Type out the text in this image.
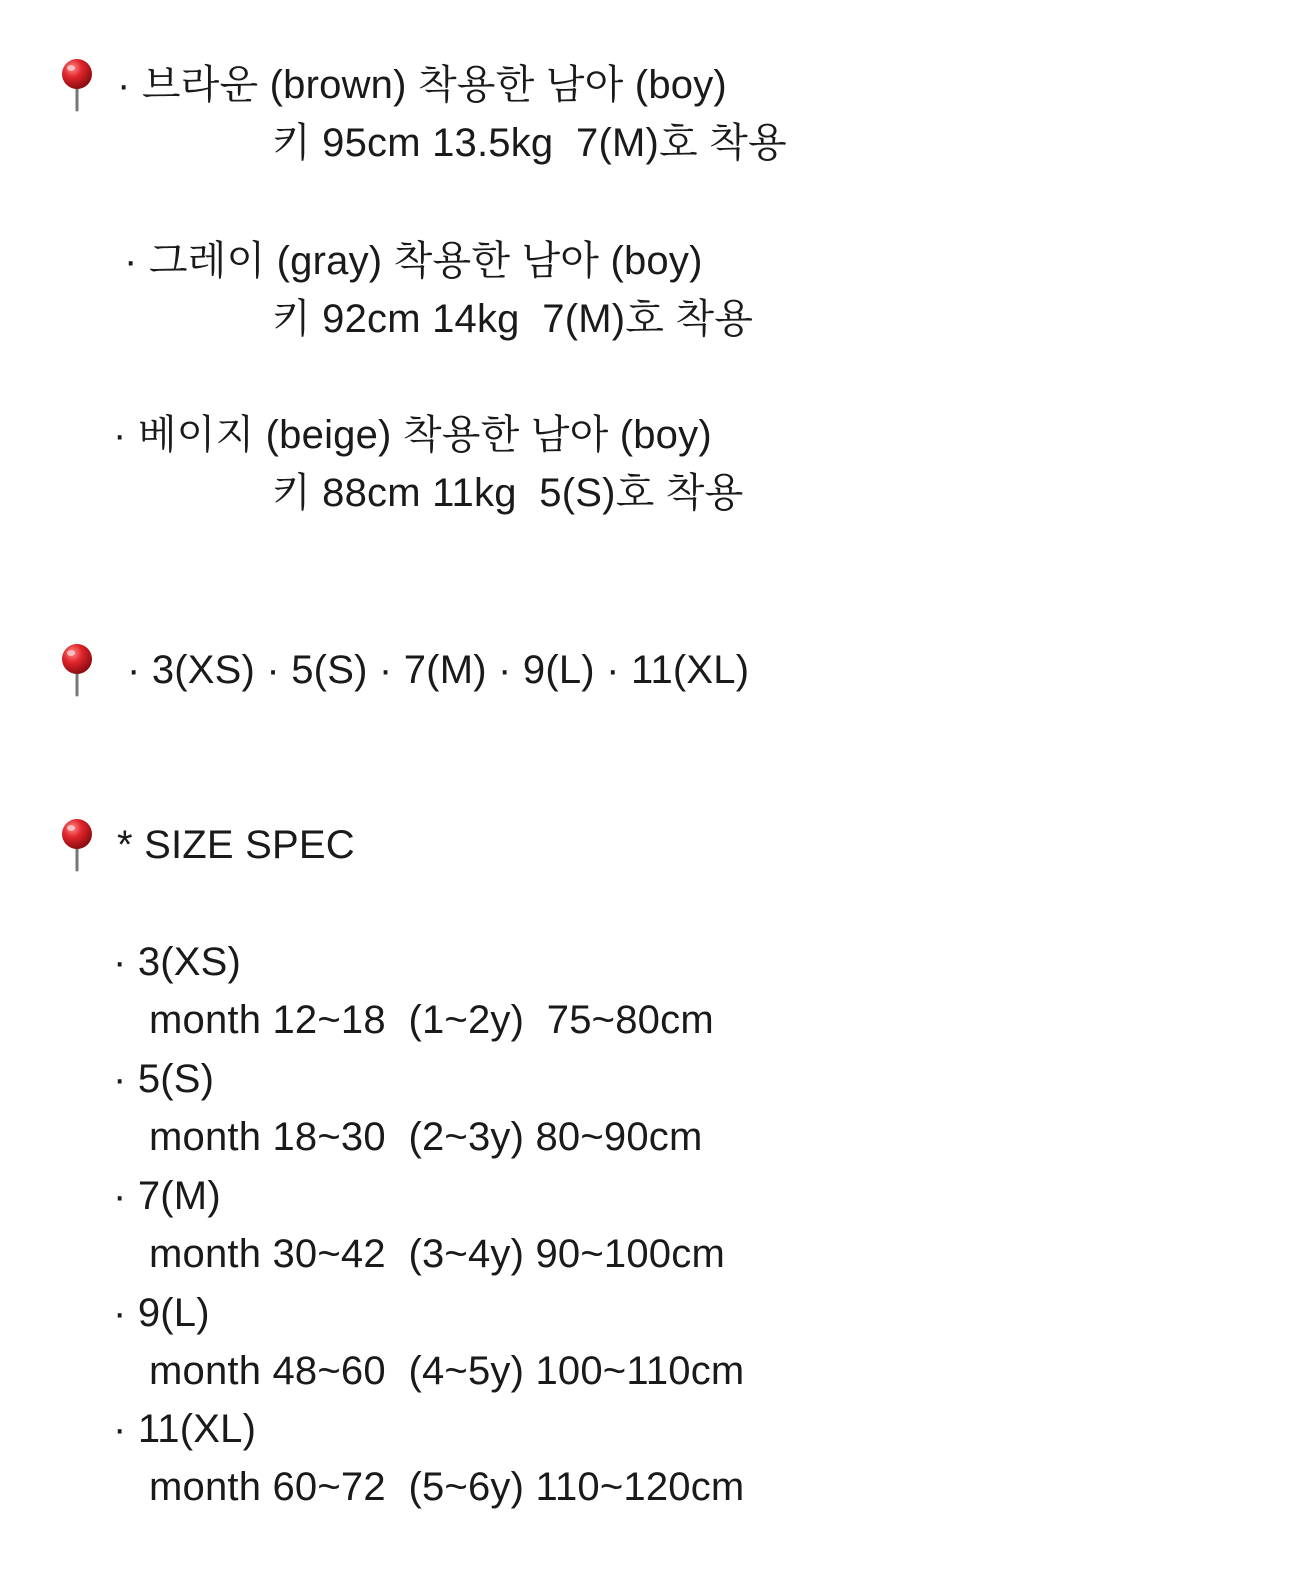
· 브라운 (brown) 착용한 남아 (boy)
키 95cm 13.5kg  7(M)호 착용
· 그레이 (gray) 착용한 남아 (boy)
키 92cm 14kg  7(M)호 착용
· 베이지 (beige) 착용한 남아 (boy)
키 88cm 11kg  5(S)호 착용
· 3(XS) · 5(S) · 7(M) · 9(L) · 11(XL)
* SIZE SPEC
· 3(XS)
month 12~18  (1~2y)  75~80cm
· 5(S)
month 18~30  (2~3y) 80~90cm
· 7(M)
month 30~42  (3~4y) 90~100cm
· 9(L)
month 48~60  (4~5y) 100~110cm
· 11(XL)
month 60~72  (5~6y) 110~120cm
